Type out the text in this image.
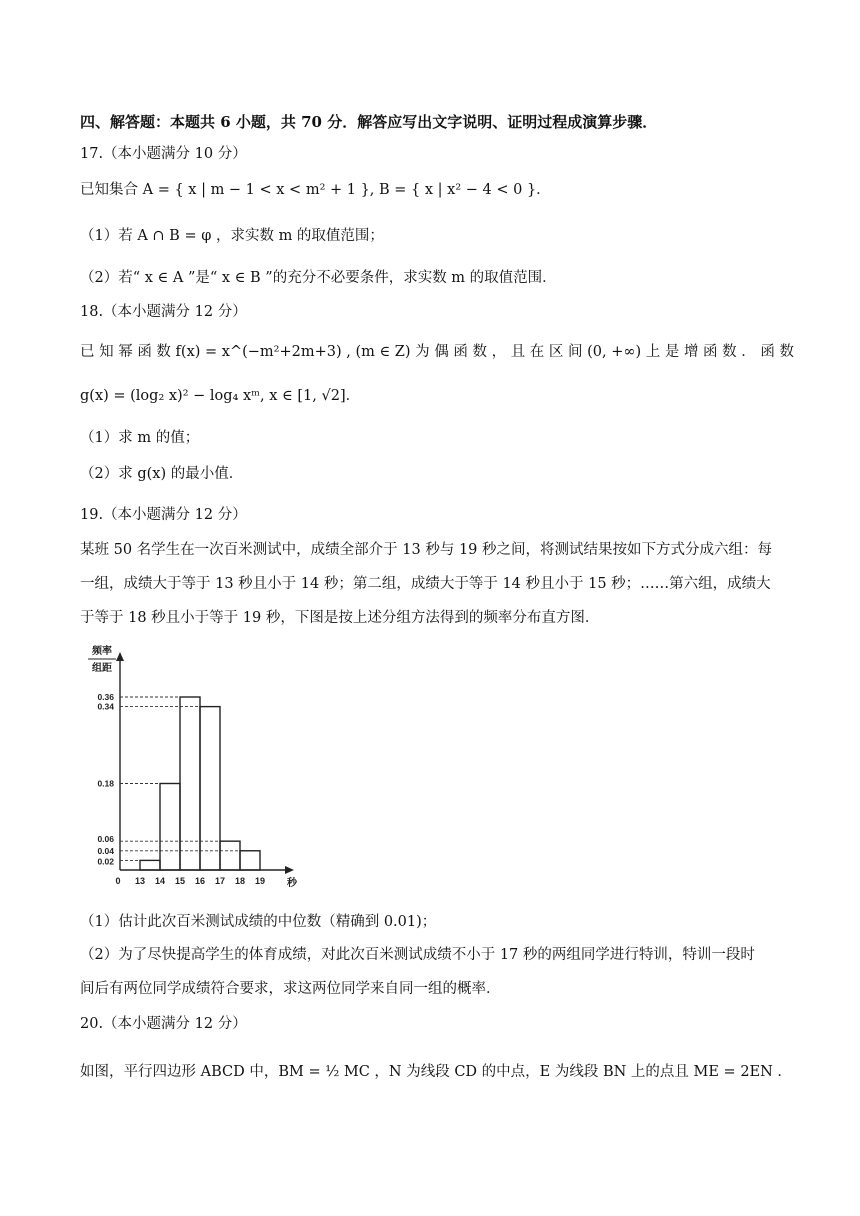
四、解答题：本题共 6 小题，共 70 分．解答应写出文字说明、证明过程成演算步骤．
17.（本小题满分 10 分）
已知集合 A = { x | m − 1 < x < m² + 1 }, B = { x | x² − 4 < 0 }．
（1）若 A ∩ B = φ ，求实数 m 的取值范围；
（2）若“ x ∈ A ”是“ x ∈ B ”的充分不必要条件，求实数 m 的取值范围．
18.（本小题满分 12 分）
已 知 幂 函 数 f(x) = x^(−m²+2m+3) , (m ∈ Z) 为 偶 函 数 ， 且 在 区 间 (0, +∞) 上 是 增 函 数 ． 函 数
g(x) = (log₂ x)² − log₄ xᵐ, x ∈ [1, √2]．
（1）求 m 的值；
（2）求 g(x) 的最小值．
19.（本小题满分 12 分）
某班 50 名学生在一次百米测试中，成绩全部介于 13 秒与 19 秒之间，将测试结果按如下方式分成六组：每
一组，成绩大于等于 13 秒且小于 14 秒；第二组，成绩大于等于 14 秒且小于 15 秒；……第六组，成绩大
于等于 18 秒且小于等于 19 秒，下图是按上述分组方法得到的频率分布直方图．
频率
组距
0.02
0.04
0.06
0.18
0.34
0.36
0 13 14 15 16 17 18 19 秒
（1）估计此次百米测试成绩的中位数（精确到 0.01)；
（2）为了尽快提高学生的体育成绩，对此次百米测试成绩不小于 17 秒的两组同学进行特训，特训一段时
间后有两位同学成绩符合要求，求这两位同学来自同一组的概率．
20.（本小题满分 12 分）
如图，平行四边形 ABCD 中，BM = ½ MC ，N 为线段 CD 的中点，E 为线段 BN 上的点且 ME = 2EN ．
